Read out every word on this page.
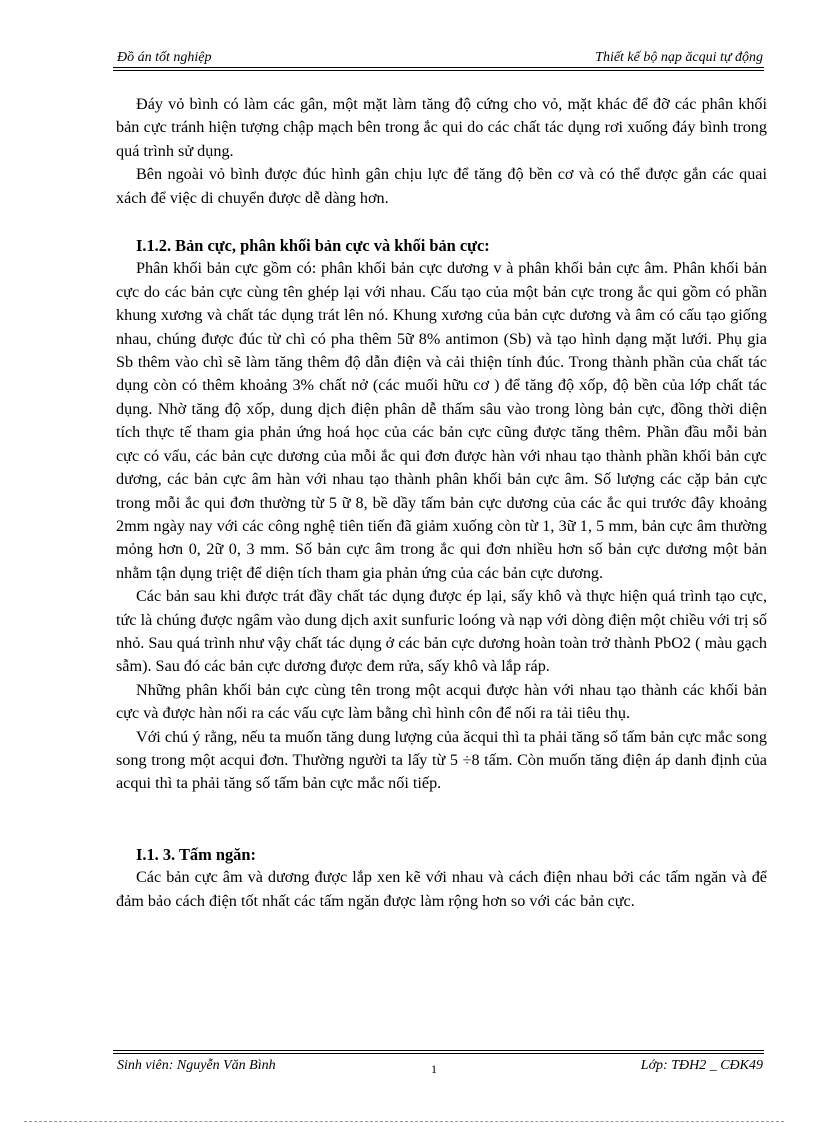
Đồ án tốt nghiệp	Thiết kế bộ nạp ăcqui tự động

Đáy vỏ bình có làm các gân, một mặt làm tăng độ cứng cho vỏ, mặt khác để đỡ các phân khối bản cực tránh hiện tượng chập mạch bên trong ắc qui do các chất tác dụng rơi xuống đáy bình trong quá trình sử dụng.

Bên ngoài vỏ bình được đúc hình gân chịu lực để tăng độ bền cơ và có thể được gắn các quai xách để việc di chuyển được dễ dàng hơn.

I.1.2. Bản cực, phân khối bản cực và khối bản cực:

Phân khối bản cực gồm có: phân khối bản cực dương v à phân khối bản cực âm. Phân khối bản cực do các bản cực cùng tên ghép lại với nhau. Cấu tạo của một bản cực trong ắc qui gồm có phần khung xương và chất tác dụng trát lên nó. Khung xương của bản cực dương và âm có cấu tạo giống nhau, chúng được đúc từ chì có pha thêm 5ữ 8% antimon (Sb) và tạo hình dạng mặt lưới. Phụ gia Sb thêm vào chì sẽ làm tăng thêm độ dẫn điện và cải thiện tính đúc. Trong thành phần của chất tác dụng còn có thêm khoảng 3% chất nở (các muối hữu cơ ) để tăng độ xốp, độ bền của lớp chất tác dụng. Nhờ tăng độ xốp, dung dịch điện phân dễ thấm sâu vào trong lòng bản cực, đồng thời diện tích thực tế tham gia phản ứng hoá học của các bản cực cũng được tăng thêm. Phần đầu mỗi bản cực có vấu, các bản cực dương của mỗi ắc qui đơn được hàn với nhau tạo thành phần khối bản cực dương, các bản cực âm hàn với nhau tạo thành phân khối bản cực âm. Số lượng các cặp bản cực trong mỗi ắc qui đơn thường từ 5 ữ 8, bề dầy tấm bản cực dương của các ắc qui trước đây khoảng 2mm ngày nay với các công nghệ tiên tiến đã giảm xuống còn từ 1, 3ữ 1, 5 mm, bản cực âm thường mỏng hơn 0, 2ữ 0, 3 mm. Số bản cực âm trong ắc qui đơn nhiều hơn số bản cực dương một bản nhằm tận dụng triệt để diện tích tham gia phản ứng của các bản cực dương.

Các bản sau khi được trát đầy chất tác dụng được ép lại, sấy khô và thực hiện quá trình tạo cực, tức là chúng được ngâm vào dung dịch axit sunfuric loóng và nạp với dòng điện một chiều với trị số nhỏ. Sau quá trình như vậy chất tác dụng ở các bản cực dương hoàn toàn trở thành PbO2 ( màu gạch sẫm). Sau đó các bản cực dương được đem rửa, sấy khô và lắp ráp.

Những phân khối bản cực cùng tên trong một acqui được hàn với nhau tạo thành các khối bản cực và được hàn nối ra các vấu cực làm bằng chì hình côn để nối ra tải tiêu thụ.

Với chú ý rằng, nếu ta muốn tăng dung lượng của ăcqui thì ta phải tăng số tấm bản cực mắc song song trong một acqui đơn. Thường người ta lấy từ 5 ÷8 tấm. Còn muốn tăng điện áp danh định của acqui thì ta phải tăng số tấm bản cực mắc nối tiếp.

I.1. 3. Tấm ngăn:

Các bản cực âm và dương được lắp xen kẽ với nhau và cách điện nhau bởi các tấm ngăn và để đảm bảo cách điện tốt nhất các tấm ngăn được làm rộng hơn so với các bản cực.

Sinh viên: Nguyễn Văn Bình	1	Lớp: TĐH2 _ CĐK49
